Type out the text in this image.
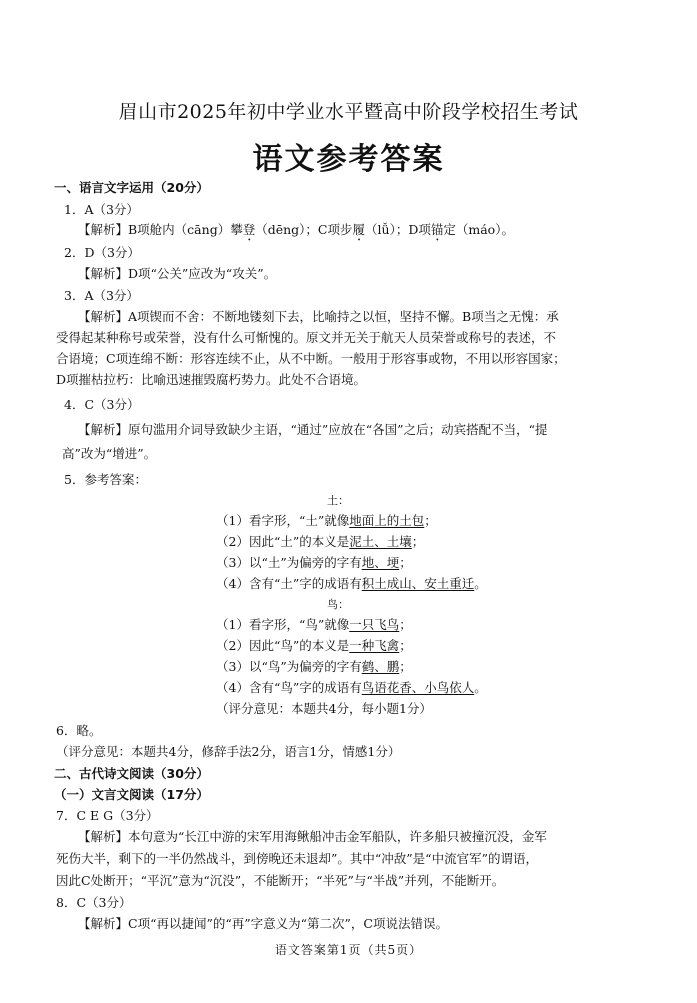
眉山市2025年初中学业水平暨高中阶段学校招生考试
语文参考答案
一、语言文字运用（20分）
1．A（3分）
【解析】B项舱内（cāng）攀登（dēng）；C项步履（lǚ）；D项锚定（máo）。
2．D（3分）
【解析】D项“公关”应改为“攻关”。
3．A（3分）
【解析】A项锲而不舍：不断地镂刻下去，比喻持之以恒，坚持不懈。B项当之无愧：承
受得起某种称号或荣誉，没有什么可惭愧的。原文并无关于航天人员荣誉或称号的表述，不
合语境；C项连绵不断：形容连续不止，从不中断。一般用于形容事或物，不用以形容国家；
D项摧枯拉朽：比喻迅速摧毁腐朽势力。此处不合语境。
4．C（3分）
【解析】原句滥用介词导致缺少主语，“通过”应放在“各国”之后；动宾搭配不当，“提
高”改为“增进”。
5．参考答案：
土：
（1）看字形，“土”就像地面上的土包；
（2）因此“土”的本义是泥土、土壤；
（3）以“土”为偏旁的字有地、埂；
（4）含有“土”字的成语有积土成山、安土重迁。
鸟：
（1）看字形，“鸟”就像一只飞鸟；
（2）因此“鸟”的本义是一种飞禽；
（3）以“鸟”为偏旁的字有鹤、鹏；
（4）含有“鸟”字的成语有鸟语花香、小鸟依人。
（评分意见：本题共4分，每小题1分）
6．略。
（评分意见：本题共4分，修辞手法2分，语言1分，情感1分）
二、古代诗文阅读（30分）
（一）文言文阅读（17分）
7．C E G（3分）
【解析】本句意为“长江中游的宋军用海鳅船冲击金军船队，许多船只被撞沉没，金军
死伤大半，剩下的一半仍然战斗，到傍晚还未退却”。其中“冲敌”是“中流官军”的谓语，
因此C处断开；“平沉”意为“沉没”，不能断开；“半死”与“半战”并列，不能断开。
8．C（3分）
【解析】C项“再以捷闻”的“再”字意义为“第二次”，C项说法错误。
语文答案第1页（共5页）
